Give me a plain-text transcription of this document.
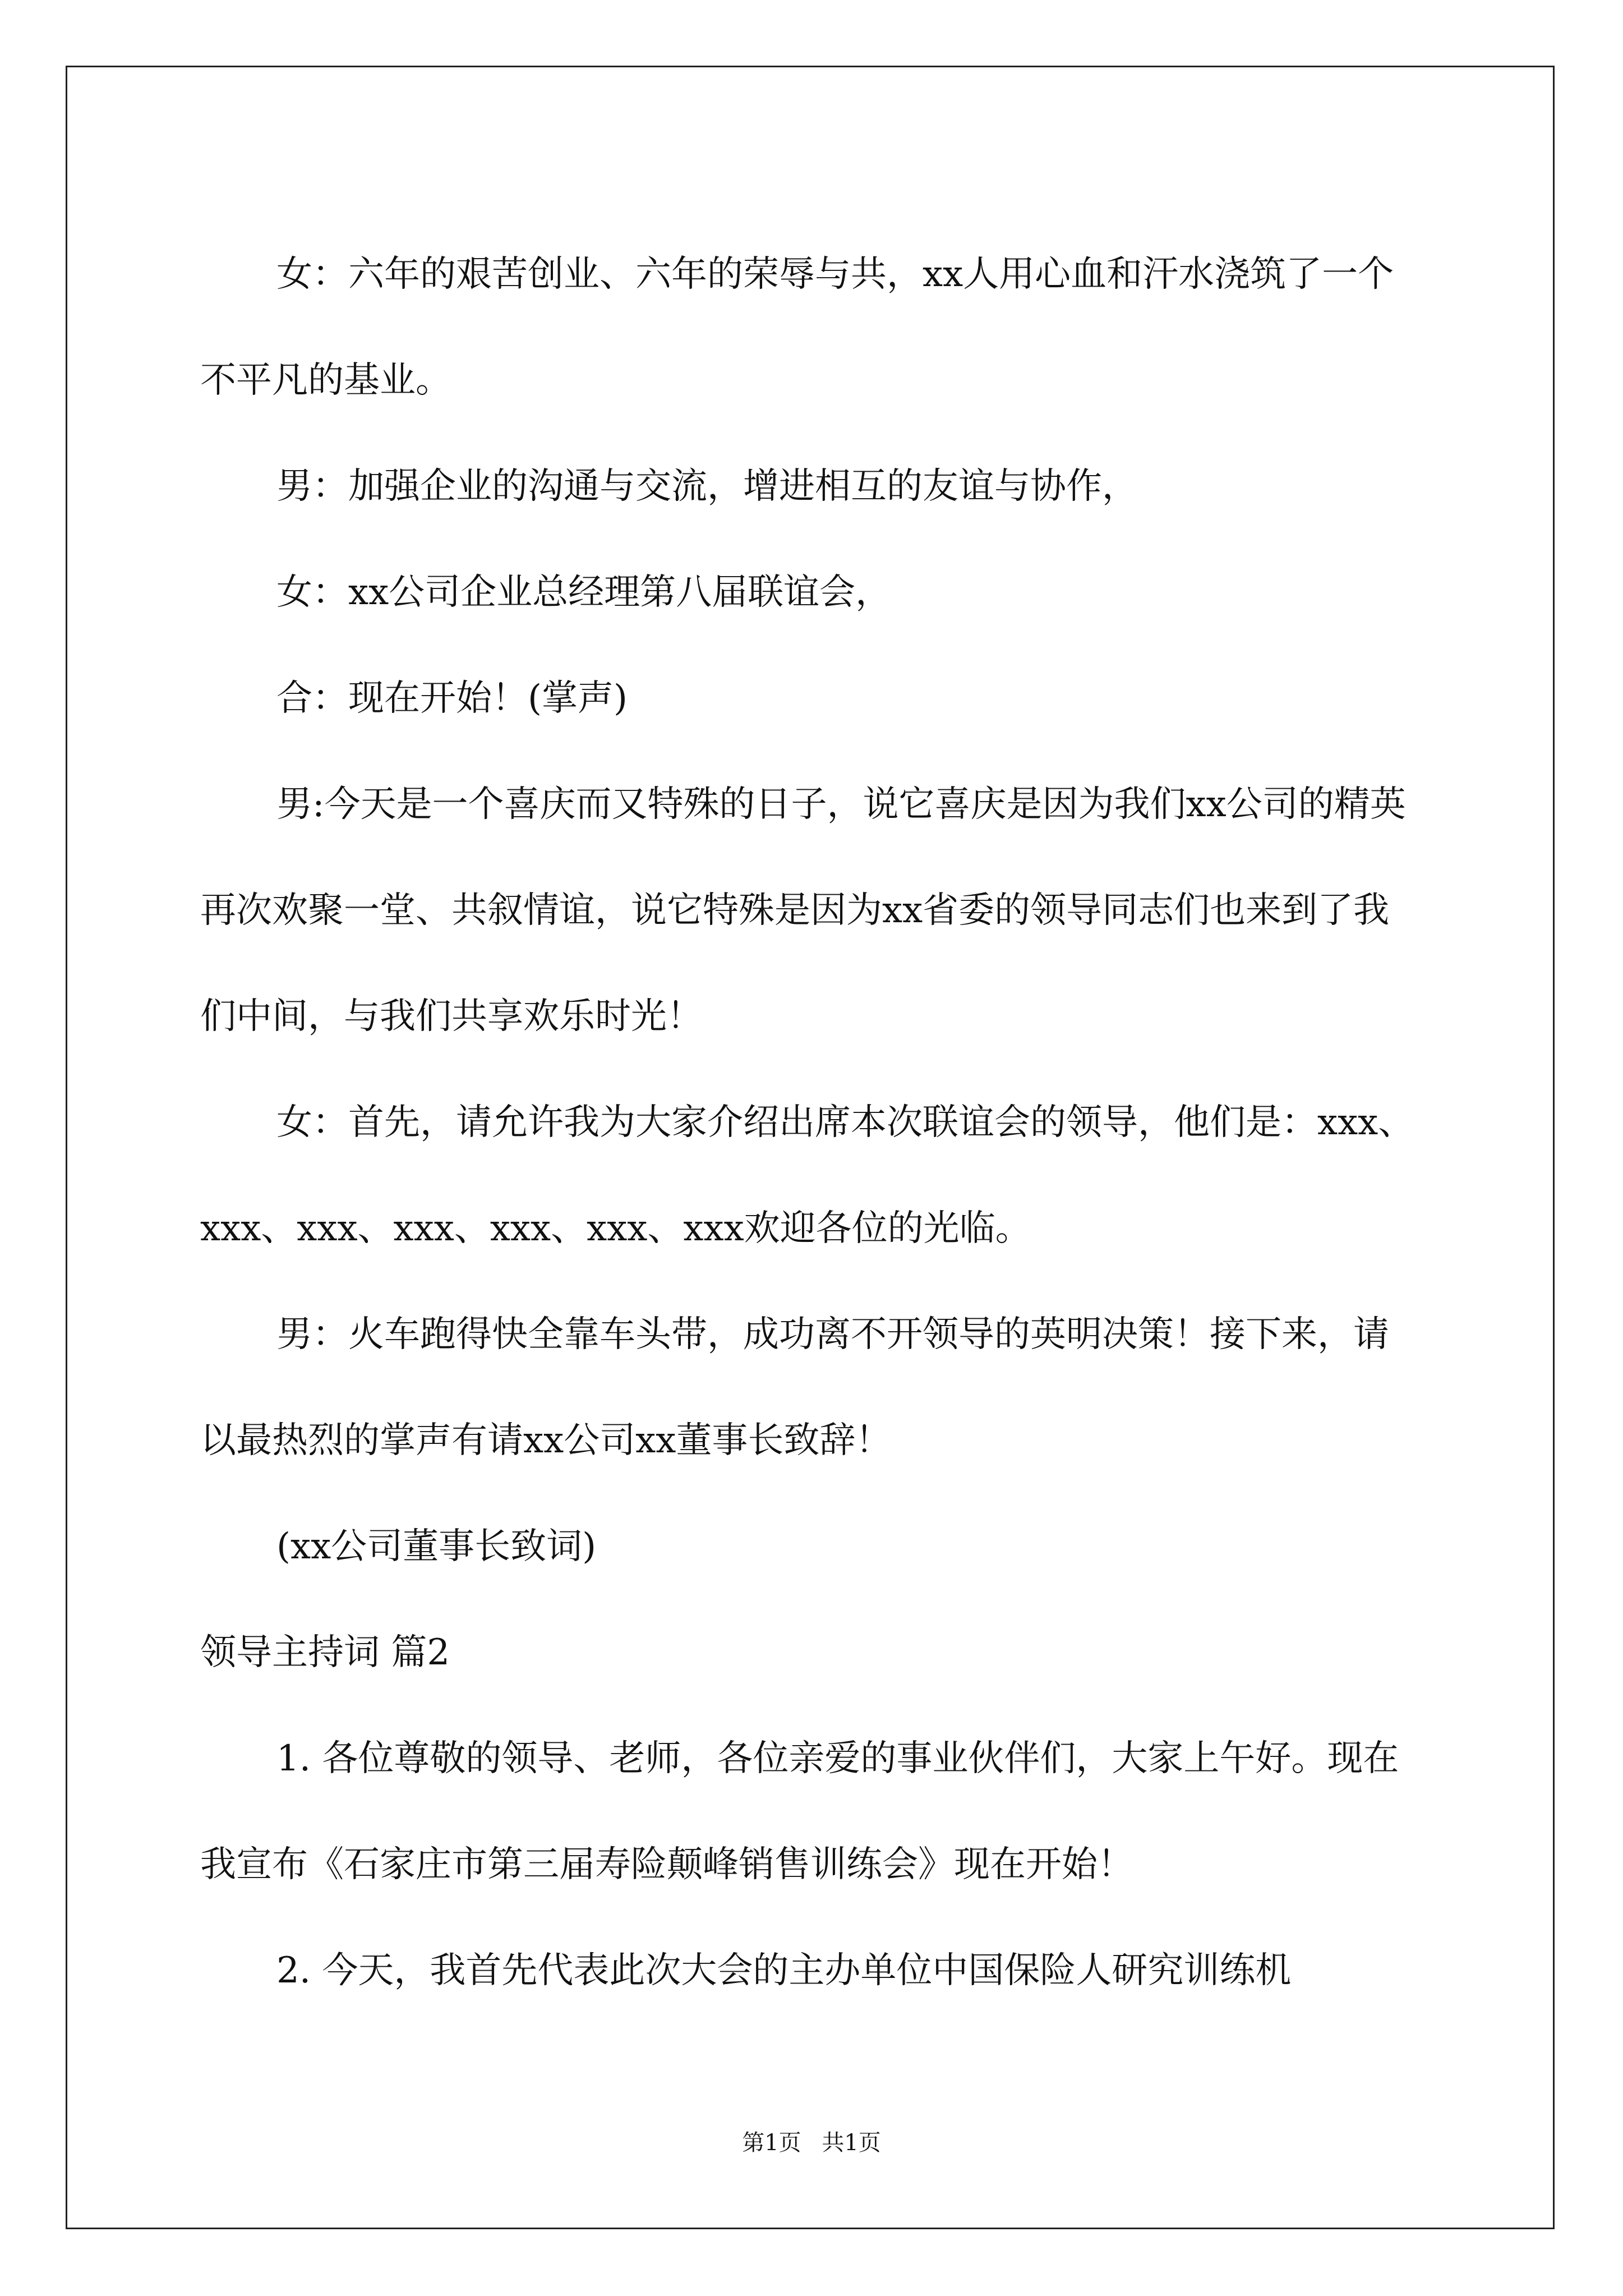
女：六年的艰苦创业、六年的荣辱与共，xx人用心血和汗水浇筑了一个不平凡的基业。

男：加强企业的沟通与交流，增进相互的友谊与协作，

女：xx公司企业总经理第八届联谊会，

合：现在开始！(掌声)

男:今天是一个喜庆而又特殊的日子，说它喜庆是因为我们xx公司的精英再次欢聚一堂、共叙情谊，说它特殊是因为xx省委的领导同志们也来到了我们中间，与我们共享欢乐时光！

女：首先，请允许我为大家介绍出席本次联谊会的领导，他们是：xxx、xxx、xxx、xxx、xxx、xxx、xxx欢迎各位的光临。

男：火车跑得快全靠车头带，成功离不开领导的英明决策！接下来，请以最热烈的掌声有请xx公司xx董事长致辞！

(xx公司董事长致词)

领导主持词 篇2

1. 各位尊敬的领导、老师，各位亲爱的事业伙伴们，大家上午好。现在我宣布《石家庄市第三届寿险颠峰销售训练会》现在开始！

2. 今天，我首先代表此次大会的主办单位中国保险人研究训练机

第1页 共1页
